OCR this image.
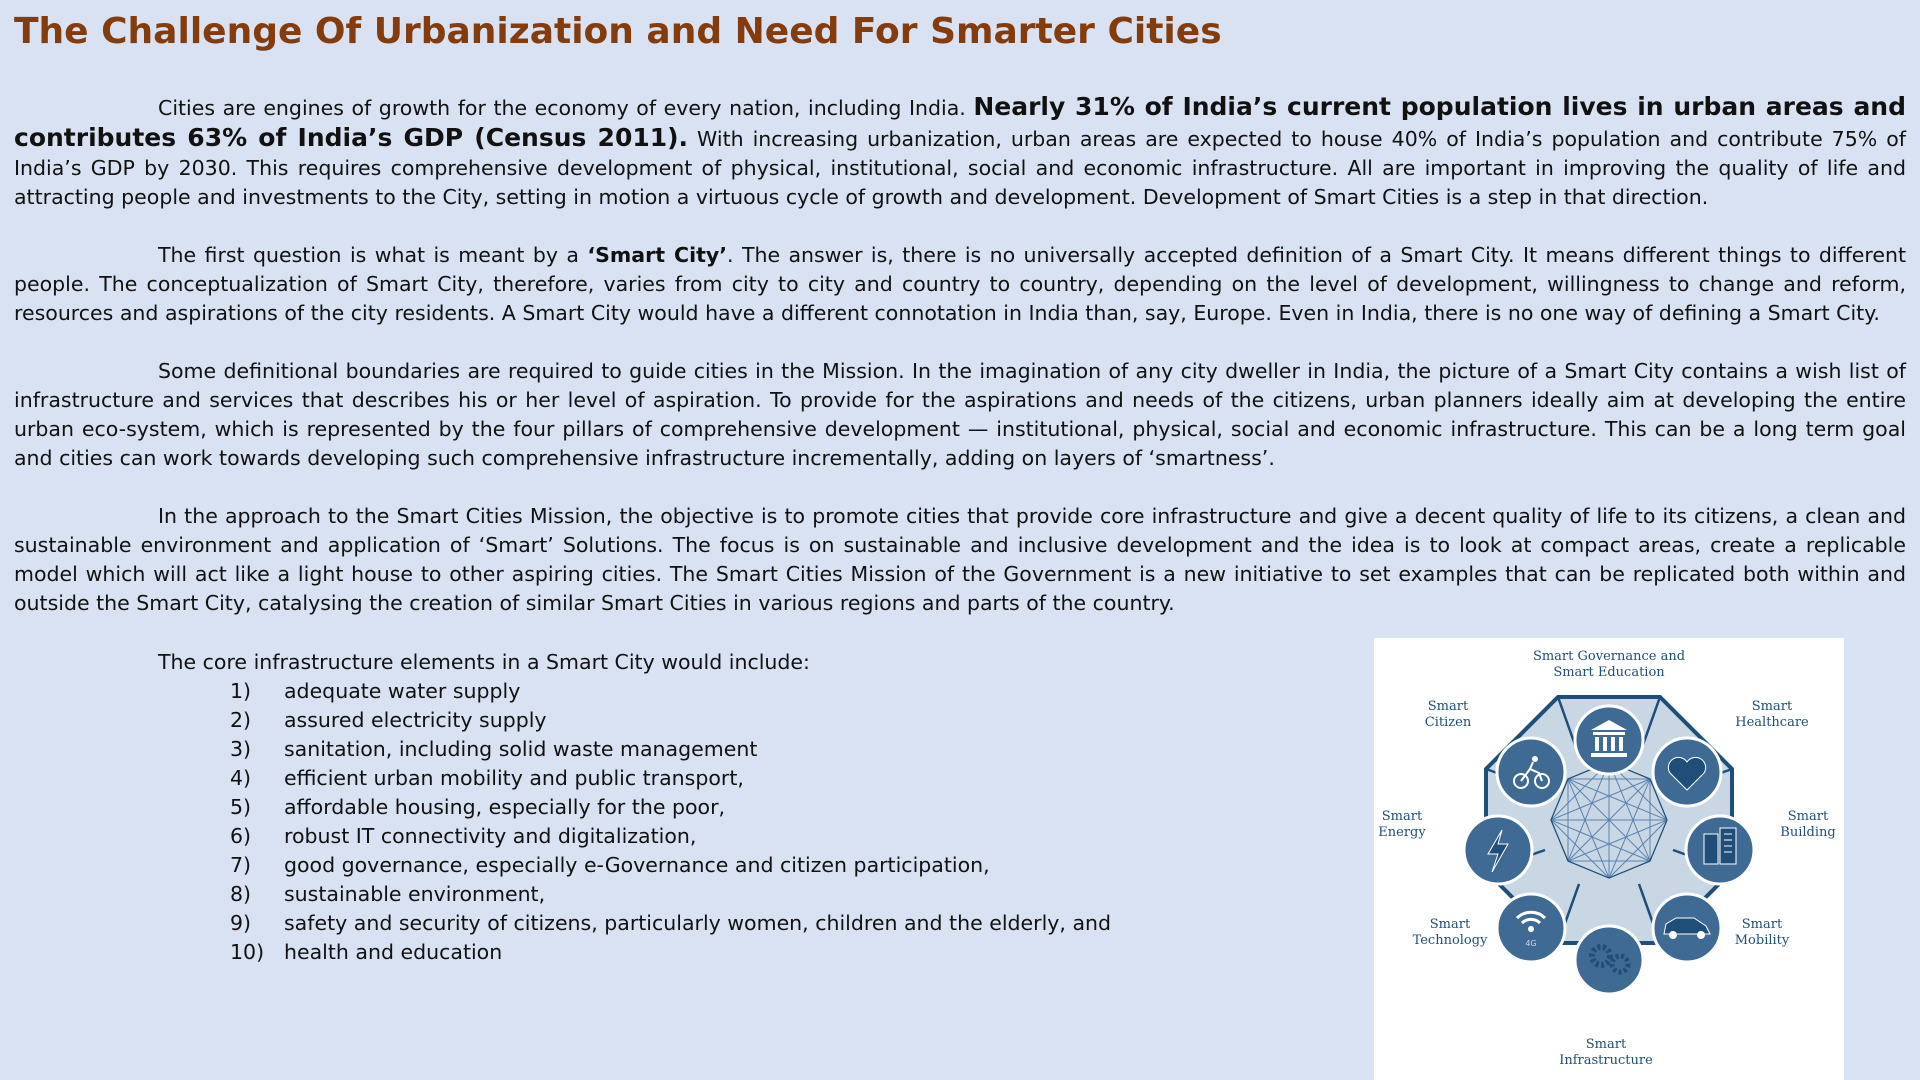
The Challenge Of Urbanization and Need For Smarter Cities

Cities are engines of growth for the economy of every nation, including India. Nearly 31% of India’s current population lives in urban areas and contributes 63% of India’s GDP (Census 2011). With increasing urbanization, urban areas are expected to house 40% of India’s population and contribute 75% of India’s GDP by 2030. This requires comprehensive development of physical, institutional, social and economic infrastructure. All are important in improving the quality of life and attracting people and investments to the City, setting in motion a virtuous cycle of growth and development. Development of Smart Cities is a step in that direction.

The first question is what is meant by a ‘Smart City’. The answer is, there is no universally accepted definition of a Smart City. It means different things to different people. The conceptualization of Smart City, therefore, varies from city to city and country to country, depending on the level of development, willingness to change and reform, resources and aspirations of the city residents. A Smart City would have a different connotation in India than, say, Europe. Even in India, there is no one way of defining a Smart City.

Some definitional boundaries are required to guide cities in the Mission. In the imagination of any city dweller in India, the picture of a Smart City contains a wish list of infrastructure and services that describes his or her level of aspiration. To provide for the aspirations and needs of the citizens, urban planners ideally aim at developing the entire urban eco-system, which is represented by the four pillars of comprehensive development — institutional, physical, social and economic infrastructure. This can be a long term goal and cities can work towards developing such comprehensive infrastructure incrementally, adding on layers of ‘smartness’.

In the approach to the Smart Cities Mission, the objective is to promote cities that provide core infrastructure and give a decent quality of life to its citizens, a clean and sustainable environment and application of ‘Smart’ Solutions. The focus is on sustainable and inclusive development and the idea is to look at compact areas, create a replicable model which will act like a light house to other aspiring cities. The Smart Cities Mission of the Government is a new initiative to set examples that can be replicated both within and outside the Smart City, catalysing the creation of similar Smart Cities in various regions and parts of the country.

The core infrastructure elements in a Smart City would include:
1)	adequate water supply
2)	assured electricity supply
3)	sanitation, including solid waste management
4)	efficient urban mobility and public transport,
5)	affordable housing, especially for the poor,
6)	robust IT connectivity and digitalization,
7)	good governance, especially e-Governance and citizen participation,
8)	sustainable environment,
9)	safety and security of citizens, particularly women, children and the elderly, and
10) health and education	4G
Smart Governance and
Smart Education
Smart
Healthcare
Smart
Building
Smart
Mobility
Smart
Infrastructure
Smart
Technology
Smart
Energy
Smart
Citizen
